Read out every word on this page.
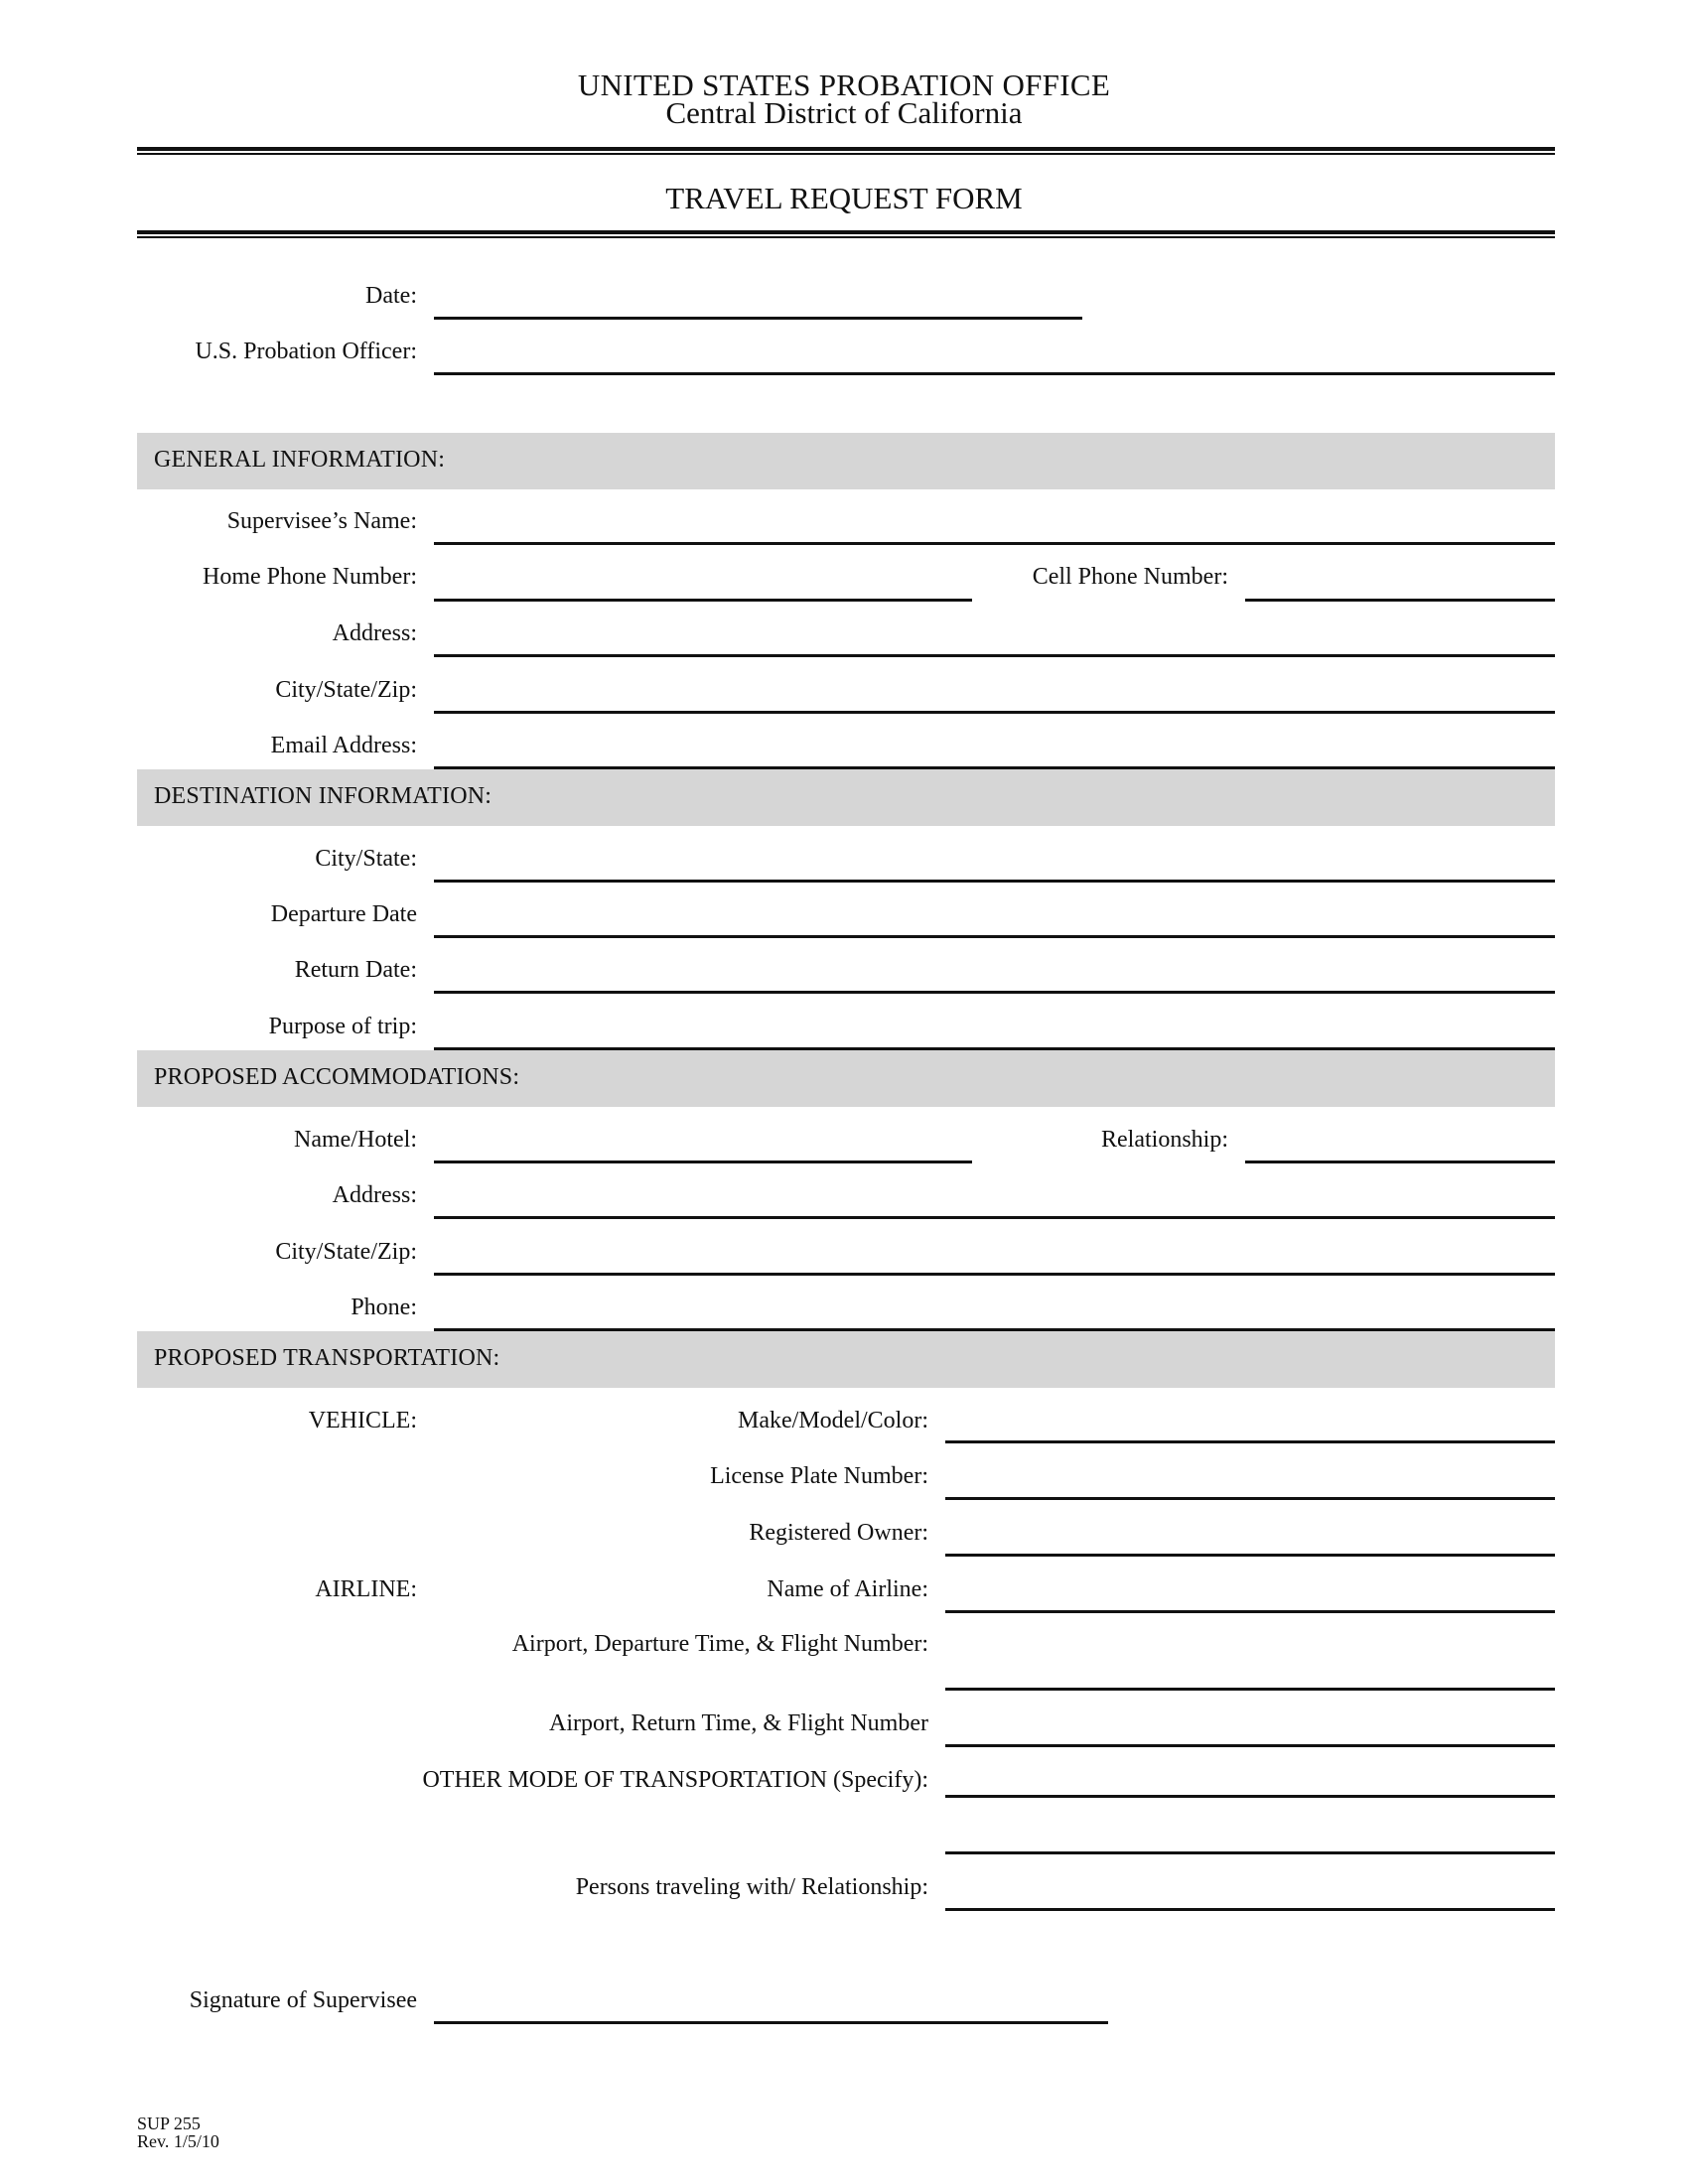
UNITED STATES PROBATION OFFICE
Central District of California
TRAVEL REQUEST FORM
Date:
U.S. Probation Officer:
GENERAL INFORMATION:
Supervisee’s Name:
Home Phone Number:	Cell Phone Number:
Address:
City/State/Zip:
Email Address:
DESTINATION INFORMATION:
City/State:
Departure Date
Return Date:
Purpose of trip:
PROPOSED ACCOMMODATIONS:
Name/Hotel:	Relationship:
Address:
City/State/Zip:
Phone:
PROPOSED TRANSPORTATION:
VEHICLE:	Make/Model/Color:
License Plate Number:
Registered Owner:
AIRLINE:	Name of Airline:
Airport, Departure Time, & Flight Number:
Airport, Return Time, & Flight Number
OTHER MODE OF TRANSPORTATION (Specify):
Persons traveling with/ Relationship:
Signature of Supervisee
SUP 255
Rev. 1/5/10
